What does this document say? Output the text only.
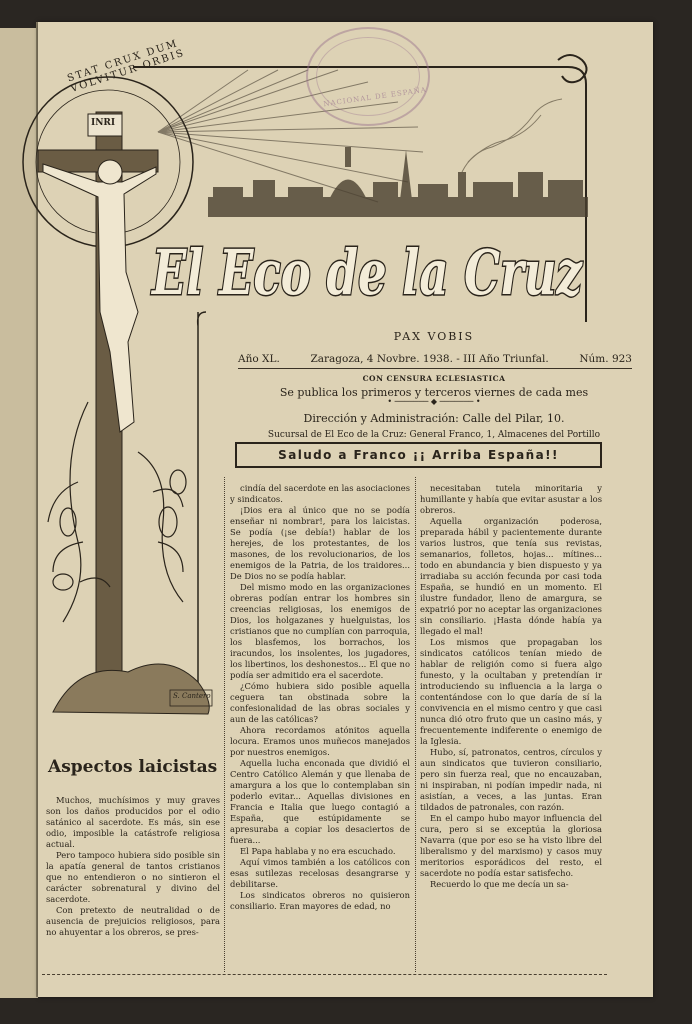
STAT CRUX DUM VOLVITUR ORBIS
INRI
S. Cantero
NACIONAL DE ESPAÑA
El Eco de la Cruz
PAX VOBIS
Año XL.	Zaragoza, 4 Novbre. 1938. - III Año Triunfal.	Núm. 923
CON CENSURA ECLESIASTICA
Se publica los primeros y terceros viernes de cada mes
• ─────── ◆ ─────── •
Dirección y Administración: Calle del Pilar, 10.
Sucursal de El Eco de la Cruz: General Franco, 1, Almacenes del Portillo
Saludo a Franco ¡¡ Arriba España!!
Aspectos laicistas

Muchos, muchísimos y muy graves son los daños producidos por el odio satánico al sacerdote. Es más, sin ese odio, imposible la catástrofe religiosa actual.

Pero tampoco hubiera sido posible sin la apatía general de tantos cristianos que no entendieron o no sintieron el carácter sobrenatural y divino del sacerdote.

Con pretexto de neutralidad o de ausencia de prejuicios religiosos, para no ahuyentar a los obreros, se pres-

cindía del sacerdote en las asociaciones y sindicatos.

¡Dios era al único que no se podía enseñar ni nombrar!, para los laicistas. Se podía (¡se debía!) hablar de los herejes, de los protestantes, de los masones, de los revolucionarios, de los enemigos de la Patria, de los traidores... De Dios no se podía hablar.

Del mismo modo en las organizaciones obreras podían entrar los hombres sin creencias religiosas, los enemigos de Dios, los holgazanes y huelguistas, los cristianos que no cumplían con parroquia, los blasfemos, los borrachos, los iracundos, los insolentes, los jugadores, los libertinos, los deshonestos... El que no podía ser admitido era el sacerdote.

¿Cómo hubiera sido posible aquella ceguera tan obstinada sobre la confesionalidad de las obras sociales y aun de las católicas?

Ahora recordamos atónitos aquella locura. Eramos unos muñecos manejados por nuestros enemigos.

Aquella lucha enconada que dividió el Centro Católico Alemán y que llenaba de amargura a los que lo contemplaban sin poderlo evitar... Aquellas divisiones en Francia e Italia que luego contagió a España, que estúpidamente se apresuraba a copiar los desaciertos de fuera...

El Papa hablaba y no era escuchado.

Aquí vimos también a los católicos con esas sutilezas recelosas desangrarse y debilitarse.

Los sindicatos obreros no quisieron consiliario. Eran mayores de edad, no

necesitaban tutela minoritaria y humillante y había que evitar asustar a los obreros.

Aquella organización poderosa, preparada hábil y pacientemente durante varios lustros, que tenía sus revistas, semanarios, folletos, hojas... mítines... todo en abundancia y bien dispuesto y ya irradiaba su acción fecunda por casi toda España, se hundió en un momento. El ilustre fundador, lleno de amargura, se expatrió por no aceptar las organizaciones sin consiliario. ¡Hasta dónde había ya llegado el mal!

Los mismos que propagaban los sindicatos católicos tenían miedo de hablar de religión como si fuera algo funesto, y la ocultaban y pretendían ir introduciendo su influencia a la larga o contentándose con lo que daría de sí la convivencia en el mismo centro y que casi nunca dió otro fruto que un casino más, y frecuentemente indiferente o enemigo de la Iglesia.

Hubo, sí, patronatos, centros, círculos y aun sindicatos que tuvieron consiliario, pero sin fuerza real, que no encauzaban, ni inspiraban, ni podían impedir nada, ni asistían, a veces, a las juntas. Eran tildados de patronales, con razón.

En el campo hubo mayor influencia del cura, pero si se exceptúa la gloriosa Navarra (que por eso se ha visto libre del liberalismo y del marxismo) y casos muy meritorios esporádicos del resto, el sacerdote no podía estar satisfecho.

Recuerdo lo que me decía un sa-
